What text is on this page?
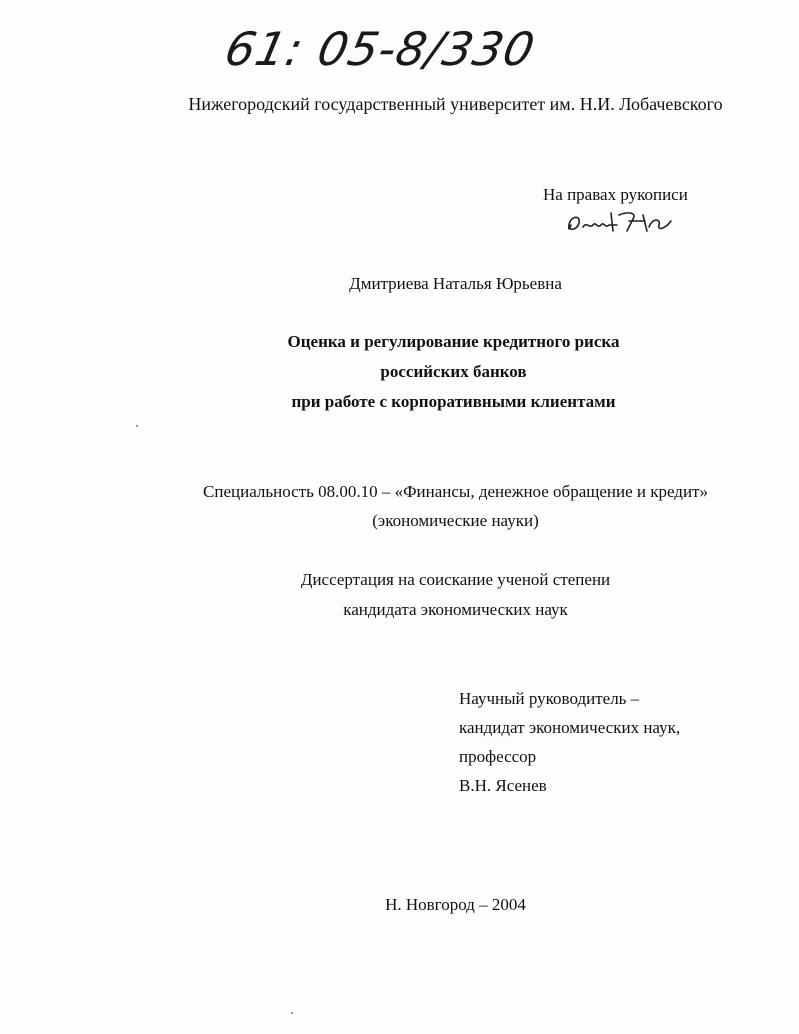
61: 05-8/330
Нижегородский государственный университет им. Н.И. Лобачевского
На правах рукописи
Дмитриева Наталья Юрьевна
Оценка и регулирование кредитного риска
российских банков
при работе с корпоративными клиентами
Специальность 08.00.10 – «Финансы, денежное обращение и кредит»
(экономические науки)
Диссертация на соискание ученой степени
кандидата экономических наук
Научный руководитель –
кандидат экономических наук,
профессор
В.Н. Ясенев
Н. Новгород – 2004
